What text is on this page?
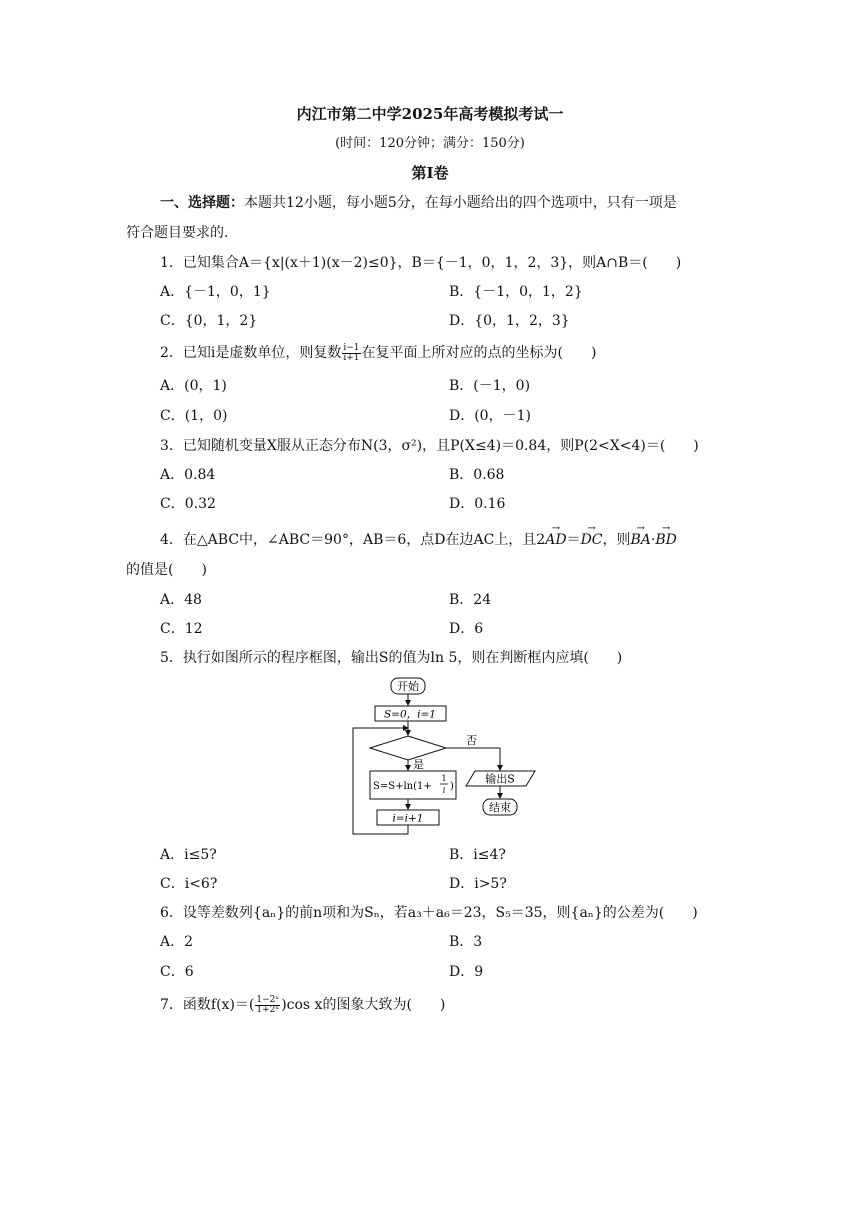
内江市第二中学2025年高考模拟考试一
(时间：120分钟；满分：150分)
第Ⅰ卷
一、选择题：本题共12小题，每小题5分，在每小题给出的四个选项中，只有一项是
符合题目要求的.
1．已知集合A＝{x|(x＋1)(x－2)≤0}，B＝{－1，0，1，2，3}，则A∩B＝(　　)
A．{－1，0，1}	B．{－1，0，1，2}
C．{0，1，2}	D．{0，1，2，3}
2．已知i是虚数单位，则复数 $\frac{i-1}{i+1}$ 在复平面上所对应的点的坐标为(　　)
A．(0，1)	B．(－1，0)
C．(1，0)	D．(0，－1)
3．已知随机变量X服从正态分布N(3，σ²)，且P(X≤4)＝0.84，则P(2<X<4)＝(　　)
A．0.84	B．0.68
C．0.32	D．0.16
4．在△ABC中，∠ABC＝90°，AB＝6，点D在边AC上，且2→ AD＝→ DC，则→ BA·→ BD
的值是(　　)
A．48	B．24
C．12	D．6
5．执行如图所示的程序框图，输出S的值为ln 5，则在判断框内应填(　　)
开始
S=0，i=1
否
是
S=S+ln(1+
1
i )
i=i+1
输出S
结束
A．i≤5?	B．i≤4?
C．i<6?	D．i>5?
6．设等差数列{aₙ}的前n项和为Sₙ，若a₃＋a₆＝23，S₅＝35，则{aₙ}的公差为(　　)
A．2	B．3
C．6	D．9
7．函数$f(x)=( \frac{\text{1−2ˣ}}{\text{1+2ˣ}} )\cos$ x的图象大致为(　　)
